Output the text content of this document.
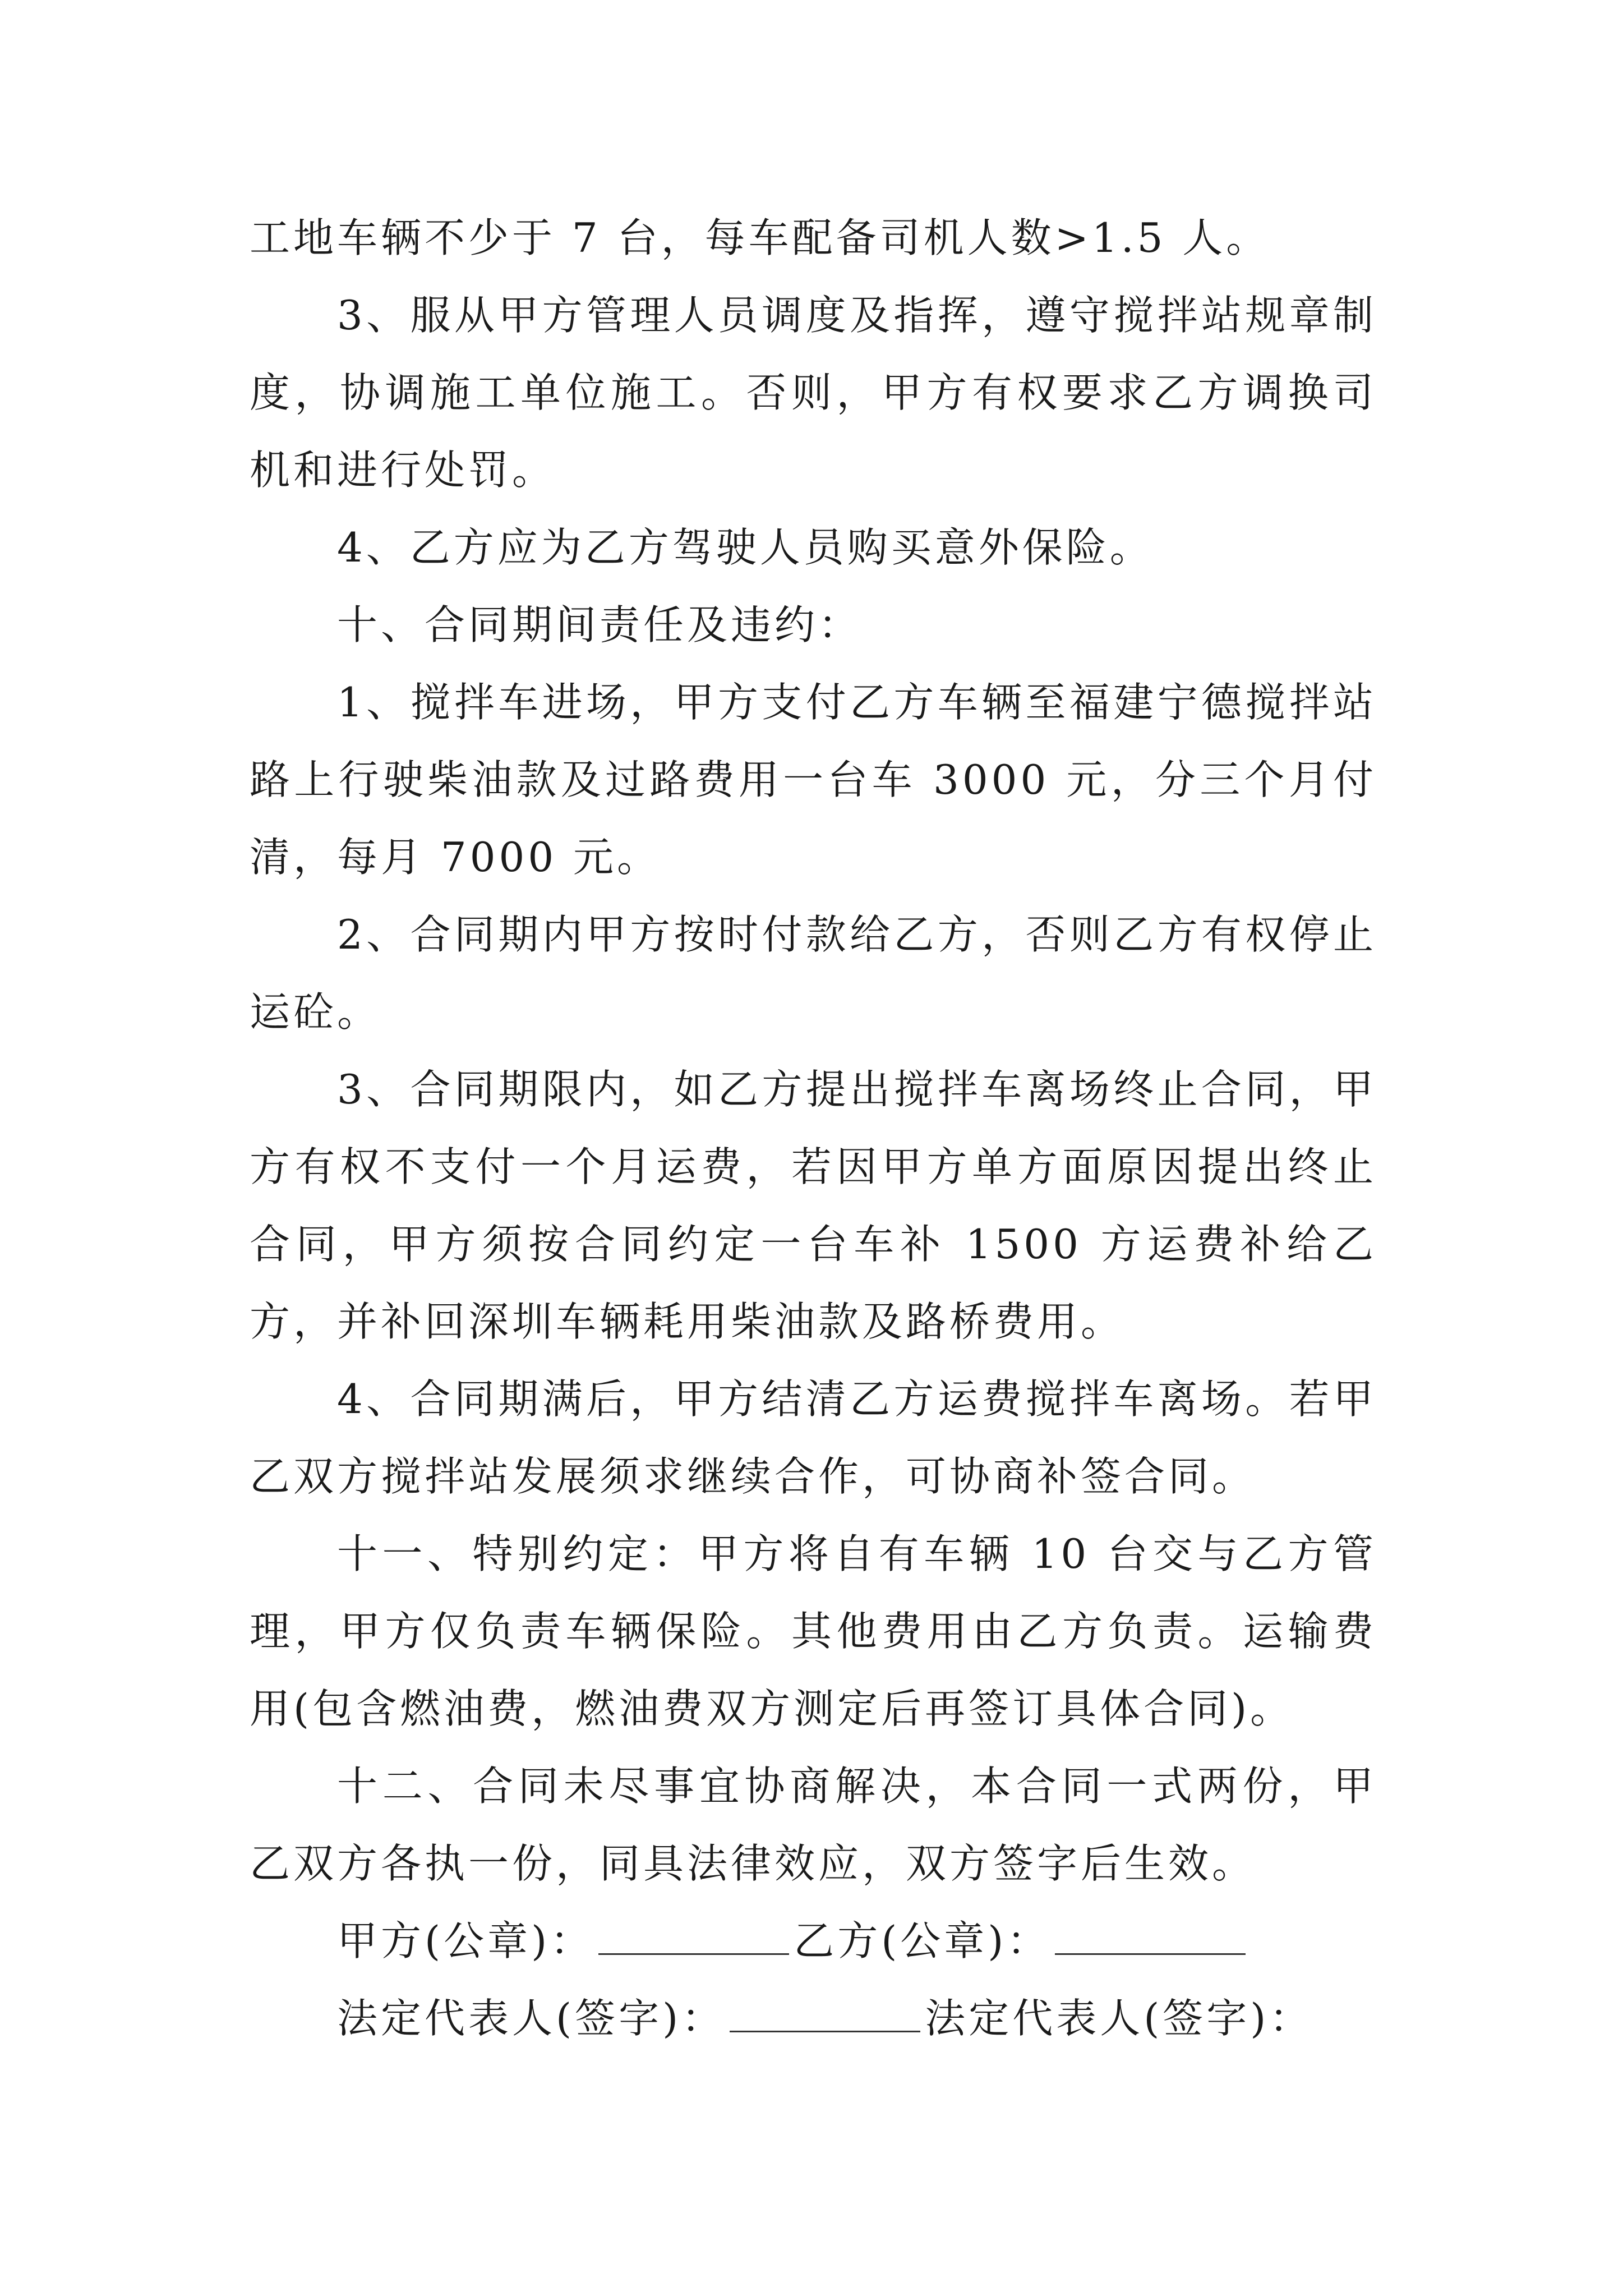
工地车辆不少于 7 台，每车配备司机人数>1.5 人。

3、服从甲方管理人员调度及指挥，遵守搅拌站规章制度，协调施工单位施工。否则，甲方有权要求乙方调换司机和进行处罚。

4、乙方应为乙方驾驶人员购买意外保险。

十、合同期间责任及违约：

1、搅拌车进场，甲方支付乙方车辆至福建宁德搅拌站路上行驶柴油款及过路费用一台车 3000 元，分三个月付清，每月 7000 元。

2、合同期内甲方按时付款给乙方，否则乙方有权停止运砼。

3、合同期限内，如乙方提出搅拌车离场终止合同，甲方有权不支付一个月运费，若因甲方单方面原因提出终止合同，甲方须按合同约定一台车补 1500 方运费补给乙方，并补回深圳车辆耗用柴油款及路桥费用。

4、合同期满后，甲方结清乙方运费搅拌车离场。若甲乙双方搅拌站发展须求继续合作，可协商补签合同。

十一、特别约定：甲方将自有车辆 10 台交与乙方管理，甲方仅负责车辆保险。其他费用由乙方负责。运输费用(包含燃油费，燃油费双方测定后再签订具体合同)。

十二、合同未尽事宜协商解决，本合同一式两份，甲乙双方各执一份，同具法律效应，双方签字后生效。

甲方(公章)：	乙方(公章)：

法定代表人(签字)：	法定代表人(签字)：
